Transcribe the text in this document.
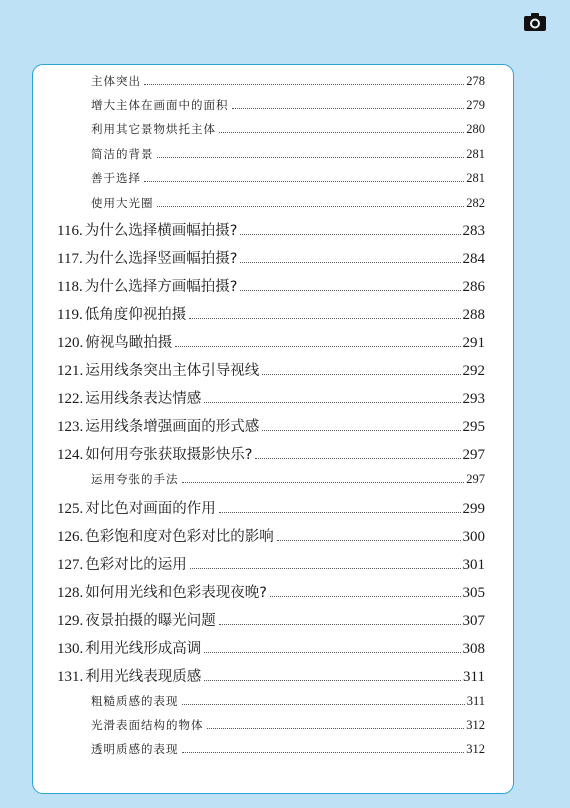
主体突出	278
增大主体在画面中的面积	279
利用其它景物烘托主体	280
简洁的背景	281
善于选择	281
使用大光圈	282
116. 为什么选择横画幅拍摄?	283
117. 为什么选择竖画幅拍摄?	284
118. 为什么选择方画幅拍摄?	286
119. 低角度仰视拍摄	288
120. 俯视鸟瞰拍摄	291
121. 运用线条突出主体引导视线	292
122. 运用线条表达情感	293
123. 运用线条增强画面的形式感	295
124. 如何用夸张获取摄影快乐?	297
运用夸张的手法	297
125. 对比色对画面的作用	299
126. 色彩饱和度对色彩对比的影响	300
127. 色彩对比的运用	301
128. 如何用光线和色彩表现夜晚?	305
129. 夜景拍摄的曝光问题	307
130. 利用光线形成高调	308
131. 利用光线表现质感	311
粗糙质感的表现	311
光滑表面结构的物体	312
透明质感的表现	312
